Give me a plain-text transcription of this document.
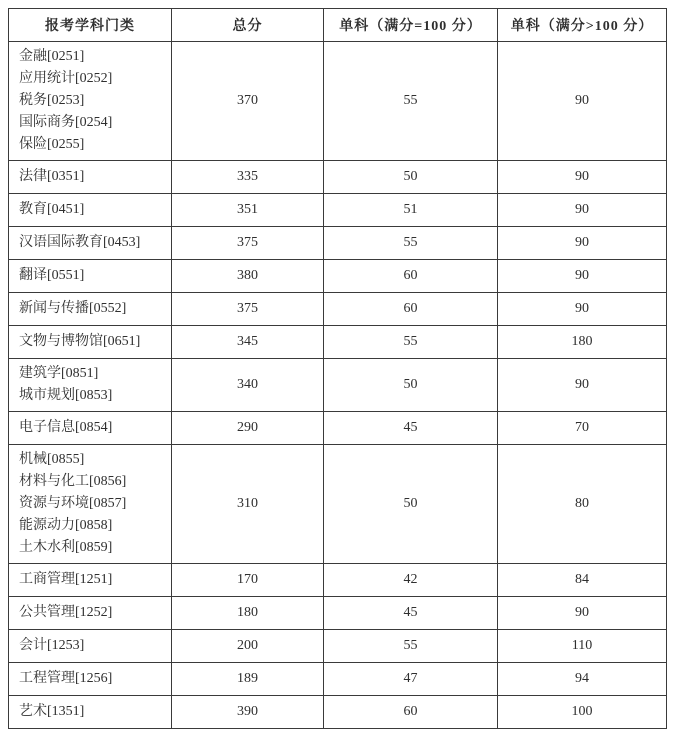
报考学科门类	总分	单科（满分=100 分）	单科（满分>100 分）

金融[0251]
应用统计[0252]
税务[0253]
国际商务[0254]
保险[0255]	370	55	90

法律[0351]	335	50	90

教育[0451]	351	51	90

汉语国际教育[0453]	375	55	90

翻译[0551]	380	60	90

新闻与传播[0552]	375	60	90

文物与博物馆[0651]	345	55	180

建筑学[0851]
城市规划[0853]	340	50	90

电子信息[0854]	290	45	70

机械[0855]
材料与化工[0856]
资源与环境[0857]
能源动力[0858]
土木水利[0859]	310	50	80

工商管理[1251]	170	42	84

公共管理[1252]	180	45	90

会计[1253]	200	55	110

工程管理[1256]	189	47	94

艺术[1351]	390	60	100
